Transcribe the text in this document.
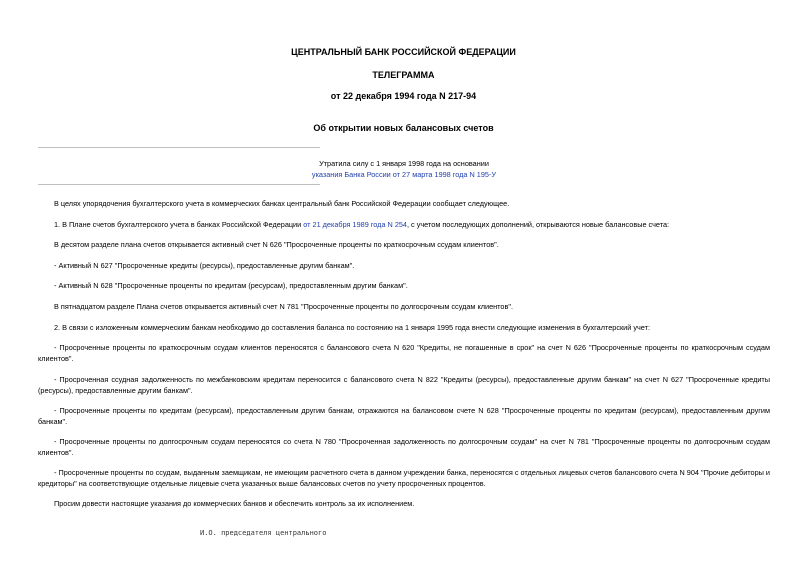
ЦЕНТРАЛЬНЫЙ БАНК РОССИЙСКОЙ ФЕДЕРАЦИИ
ТЕЛЕГРАММА
от 22 декабря 1994 года N 217-94
Об открытии новых балансовых счетов
Утратила силу с 1 января 1998 года на основании
указания Банка России от 27 марта 1998 года N 195-У
В целях упорядочения бухгалтерского учета в коммерческих банках центральный банк Российской Федерации сообщает следующее.
1. В Плане счетов бухгалтерского учета в банках Российской Федерации от 21 декабря 1989 года N 254, с учетом последующих дополнений, открываются новые балансовые счета:
В десятом разделе плана счетов открывается активный счет N 626 "Просроченные проценты по краткосрочным ссудам клиентов".
- Активный N 627 "Просроченные кредиты (ресурсы), предоставленные другим банкам".
- Активный N 628 "Просроченные проценты по кредитам (ресурсам), предоставленным другим банкам".
В пятнадцатом разделе Плана счетов открывается активный счет N 781 "Просроченные проценты по долгосрочным ссудам клиентов".
2. В связи с изложенным коммерческим банкам необходимо до составления баланса по состоянию на 1 января 1995 года внести следующие изменения в бухгалтерский учет:
- Просроченные проценты по краткосрочным ссудам клиентов переносятся с балансового счета N 620 "Кредиты, не погашенные в срок" на счет N 626 "Просроченные проценты по краткосрочным ссудам клиентов".
- Просроченная ссудная задолженность по межбанковским кредитам переносится с балансового счета N 822 "Кредиты (ресурсы), предоставленные другим банкам" на счет N 627 "Просроченные кредиты (ресурсы), предоставленные другим банкам".
- Просроченные проценты по кредитам (ресурсам), предоставленным другим банкам, отражаются на балансовом счете N 628 "Просроченные проценты по кредитам (ресурсам), предоставленным другим банкам".
- Просроченные проценты по долгосрочным ссудам переносятся со счета N 780 "Просроченная задолженность по долгосрочным ссудам" на счет N 781 "Просроченные проценты по долгосрочным ссудам клиентов".
- Просроченные проценты по ссудам, выданным заемщикам, не имеющим расчетного счета в данном учреждении банка, переносятся с отдельных лицевых счетов балансового счета N 904 "Прочие дебиторы и кредиторы" на соответствующие отдельные лицевые счета указанных выше балансовых счетов по учету просроченных процентов.
Просим довести настоящие указания до коммерческих банков и обеспечить контроль за их исполнением.
И.О. председателя центрального
